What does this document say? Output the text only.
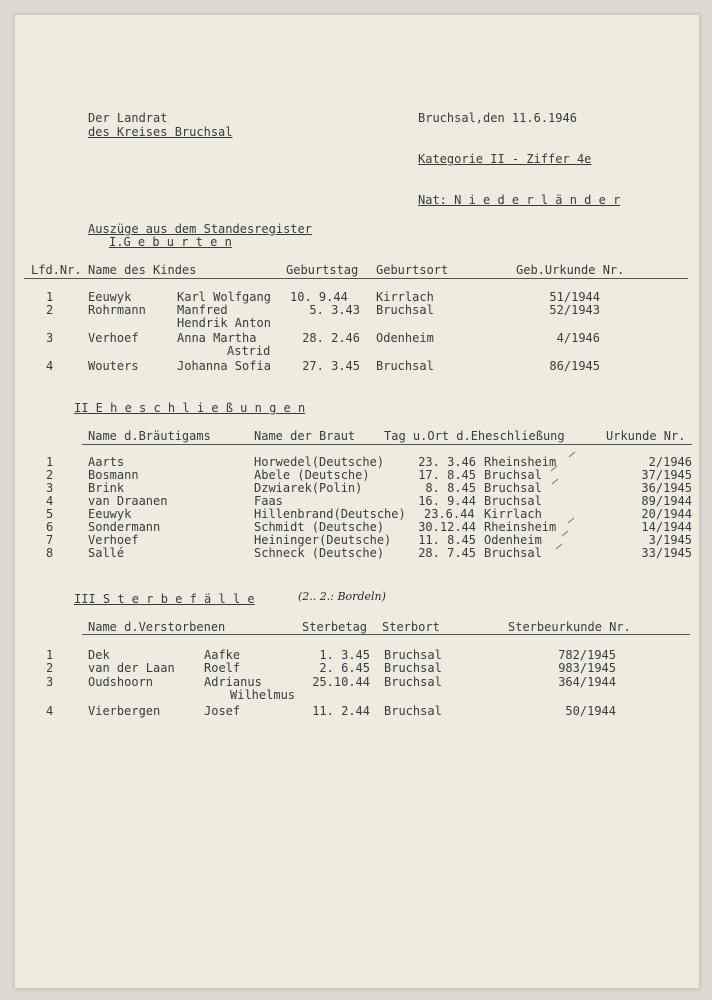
Der Landrat
des Kreises Bruchsal
Bruchsal,den 11.6.1946
Kategorie II - Ziffer 4e
Nat: N i e d e r l ä n d e r
Auszüge aus dem Standesregister
I.G e b u r t e n
Lfd.Nr. Name des Kindes	Geburtstag Geburtsort	Geb.Urkunde Nr.
1	Eeuwyk	Karl Wolfgang 10. 9.44 Kirrlach	51/1944
2	Rohrmann	Manfred
Hendrik Anton
5. 3.43 Bruchsal	52/1943
3	Verhoef	Anna Martha
Astrid
28. 2.46 Odenheim	4/1946
4	Wouters	Johanna Sofia	27. 3.45 Bruchsal	86/1945
II E h e s c h l i e ß u n g e n
Name d.Bräutigams	Name der Braut Tag u.Ort d.Eheschließung	Urkunde Nr.
1	Aarts	Horwedel(Deutsche)	23. 3.46 Rheinsheim	2/1946
2	Bosmann	Abele (Deutsche)	17. 8.45 Bruchsal	37/1945
3	Brink	Dzwiarek(Polin)	8. 8.45 Bruchsal	36/1945
4	van Draanen	Faas	16. 9.44 Bruchsal	89/1944
5	Eeuwyk	Hillenbrand(Deutsche) 23.6.44 Kirrlach	20/1944
6	Sondermann	Schmidt (Deutsche)	30.12.44 Rheinsheim	14/1944
7	Verhoef	Heininger(Deutsche)	11. 8.45 Odenheim	3/1945
8	Sallé	Schneck (Deutsche)	28. 7.45 Bruchsal	33/1945
III S t e r b e f ä l l e	(2.. 2.: Bordeln)
Name d.Verstorbenen	Sterbetag Sterbort	Sterbeurkunde Nr.
1	Dek	Aafke	1. 3.45 Bruchsal	782/1945
2	van der Laan Roelf	2. 6.45 Bruchsal	983/1945
3	Oudshoorn	Adrianus
Wilhelmus
25.10.44 Bruchsal	364/1944
4	Vierbergen	Josef	11. 2.44 Bruchsal	50/1944
